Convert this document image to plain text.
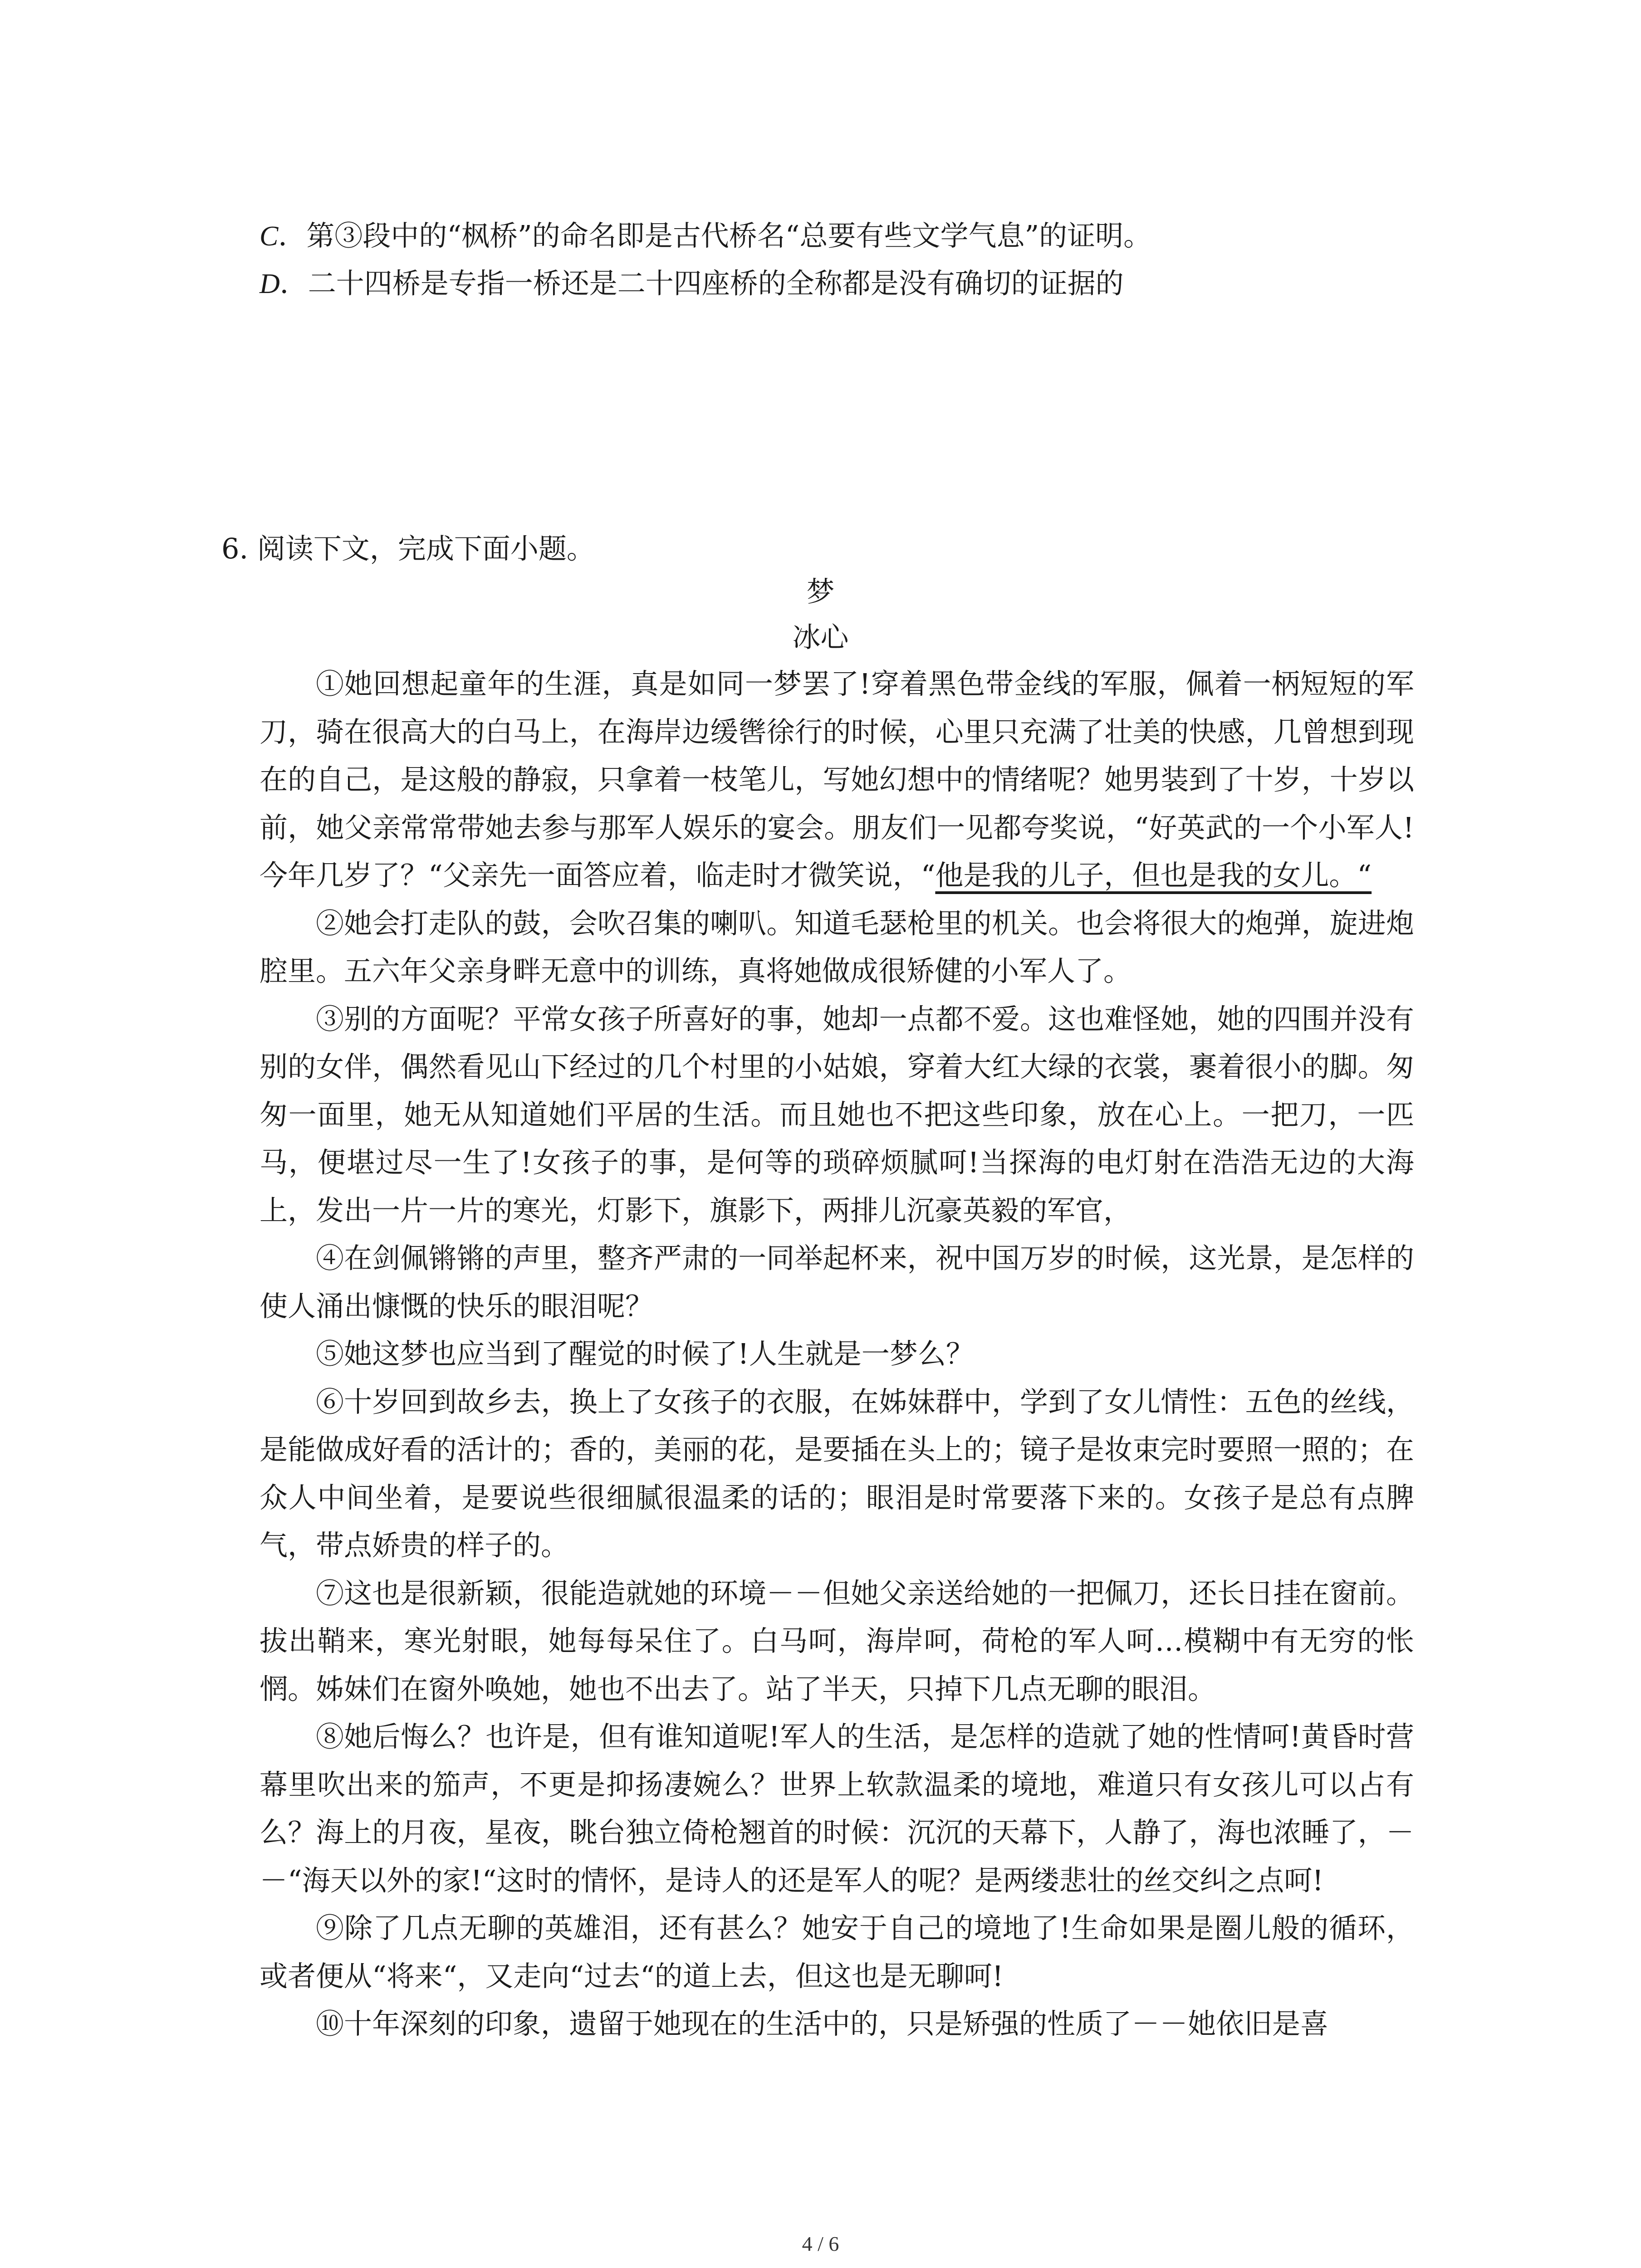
C．第③段中的“枫桥”的命名即是古代桥名“总要有些文学气息”的证明。
D．二十四桥是专指一桥还是二十四座桥的全称都是没有确切的证据的
6. 阅读下文，完成下面小题。
梦
冰心

①她回想起童年的生涯，真是如同一梦罢了!穿着黑色带金线的军服，佩着一柄短短的军刀，骑在很高大的白马上，在海岸边缓辔徐行的时候，心里只充满了壮美的快感，几曾想到现在的自己，是这般的静寂，只拿着一枝笔儿，写她幻想中的情绪呢？她男装到了十岁，十岁以前，她父亲常常带她去参与那军人娱乐的宴会。朋友们一见都夸奖说，“好英武的一个小军人!今年几岁了？“父亲先一面答应着，临走时才微笑说，“他是我的儿子，但也是我的女儿。“

②她会打走队的鼓，会吹召集的喇叭。知道毛瑟枪里的机关。也会将很大的炮弹，旋进炮腔里。五六年父亲身畔无意中的训练，真将她做成很矫健的小军人了。

③别的方面呢？平常女孩子所喜好的事，她却一点都不爱。这也难怪她，她的四围并没有别的女伴，偶然看见山下经过的几个村里的小姑娘，穿着大红大绿的衣裳，裹着很小的脚。匆匆一面里，她无从知道她们平居的生活。而且她也不把这些印象，放在心上。一把刀，一匹马，便堪过尽一生了!女孩子的事，是何等的琐碎烦腻呵!当探海的电灯射在浩浩无边的大海上，发出一片一片的寒光，灯影下，旗影下，两排儿沉豪英毅的军官，

④在剑佩锵锵的声里，整齐严肃的一同举起杯来，祝中国万岁的时候，这光景，是怎样的使人涌出慷慨的快乐的眼泪呢？

⑤她这梦也应当到了醒觉的时候了!人生就是一梦么？

⑥十岁回到故乡去，换上了女孩子的衣服，在姊妹群中，学到了女儿情性：五色的丝线，是能做成好看的活计的；香的，美丽的花，是要插在头上的；镜子是妆束完时要照一照的；在众人中间坐着，是要说些很细腻很温柔的话的；眼泪是时常要落下来的。女孩子是总有点脾气，带点娇贵的样子的。

⑦这也是很新颖，很能造就她的环境－－但她父亲送给她的一把佩刀，还长日挂在窗前。拔出鞘来，寒光射眼，她每每呆住了。白马呵，海岸呵，荷枪的军人呵…模糊中有无穷的怅惘。姊妹们在窗外唤她，她也不出去了。站了半天，只掉下几点无聊的眼泪。

⑧她后悔么？也许是，但有谁知道呢!军人的生活，是怎样的造就了她的性情呵!黄昏时营幕里吹出来的笳声，不更是抑扬凄婉么？世界上软款温柔的境地，难道只有女孩儿可以占有么？海上的月夜，星夜，眺台独立倚枪翘首的时候：沉沉的天幕下，人静了，海也浓睡了，－－“海天以外的家!“这时的情怀，是诗人的还是军人的呢？是两缕悲壮的丝交纠之点呵!

⑨除了几点无聊的英雄泪，还有甚么？她安于自己的境地了!生命如果是圈儿般的循环，或者便从“将来“，又走向“过去“的道上去，但这也是无聊呵!

⑩十年深刻的印象，遗留于她现在的生活中的，只是矫强的性质了－－她依旧是喜

4 / 6
